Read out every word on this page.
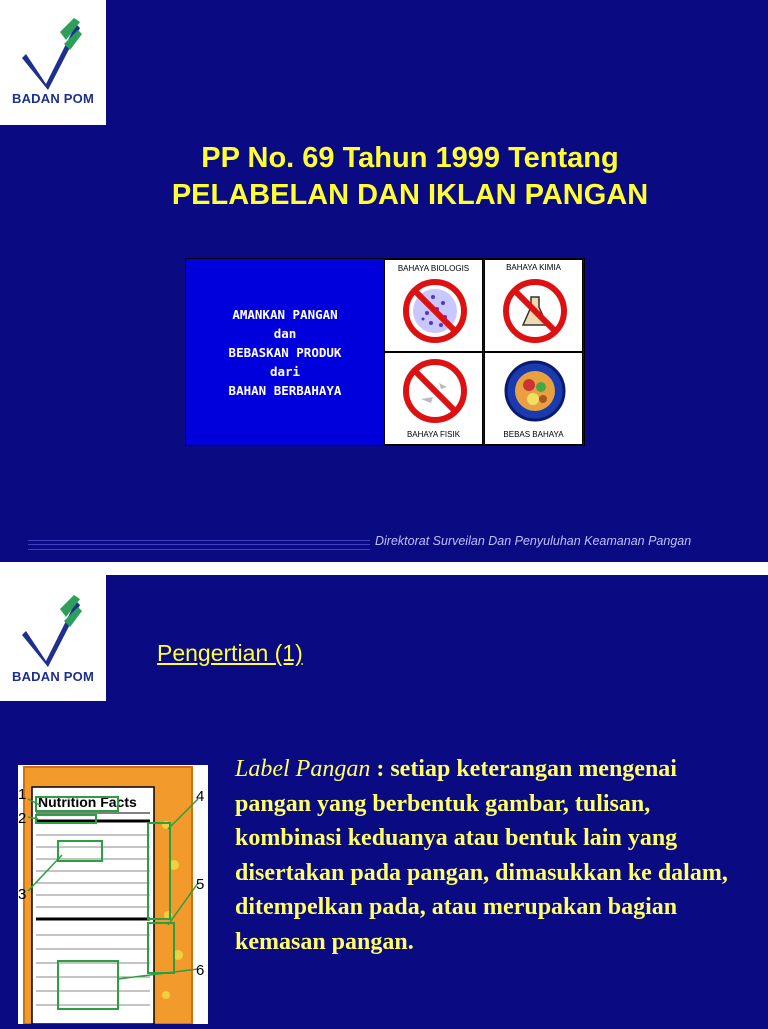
BADAN POM
PP No. 69 Tahun 1999 Tentang
PELABELAN DAN IKLAN PANGAN
AMANKAN PANGAN
dan
BEBASKAN PRODUK
dari
BAHAN BERBAHAYA
BAHAYA BIOLOGIS	BAHAYA KIMIA
BAHAYA FISIK	BEBAS BAHAYA
Direktorat Surveilan Dan Penyuluhan Keamanan Pangan
BADAN POM
Pengertian (1)
Nutrition Facts
1
2
3
4
5
6
Label Pangan : setiap keterangan mengenai pangan yang berbentuk gambar, tulisan, kombinasi keduanya atau bentuk lain yang disertakan pada pangan, dimasukkan ke dalam, ditempelkan pada, atau merupakan bagian kemasan pangan.
